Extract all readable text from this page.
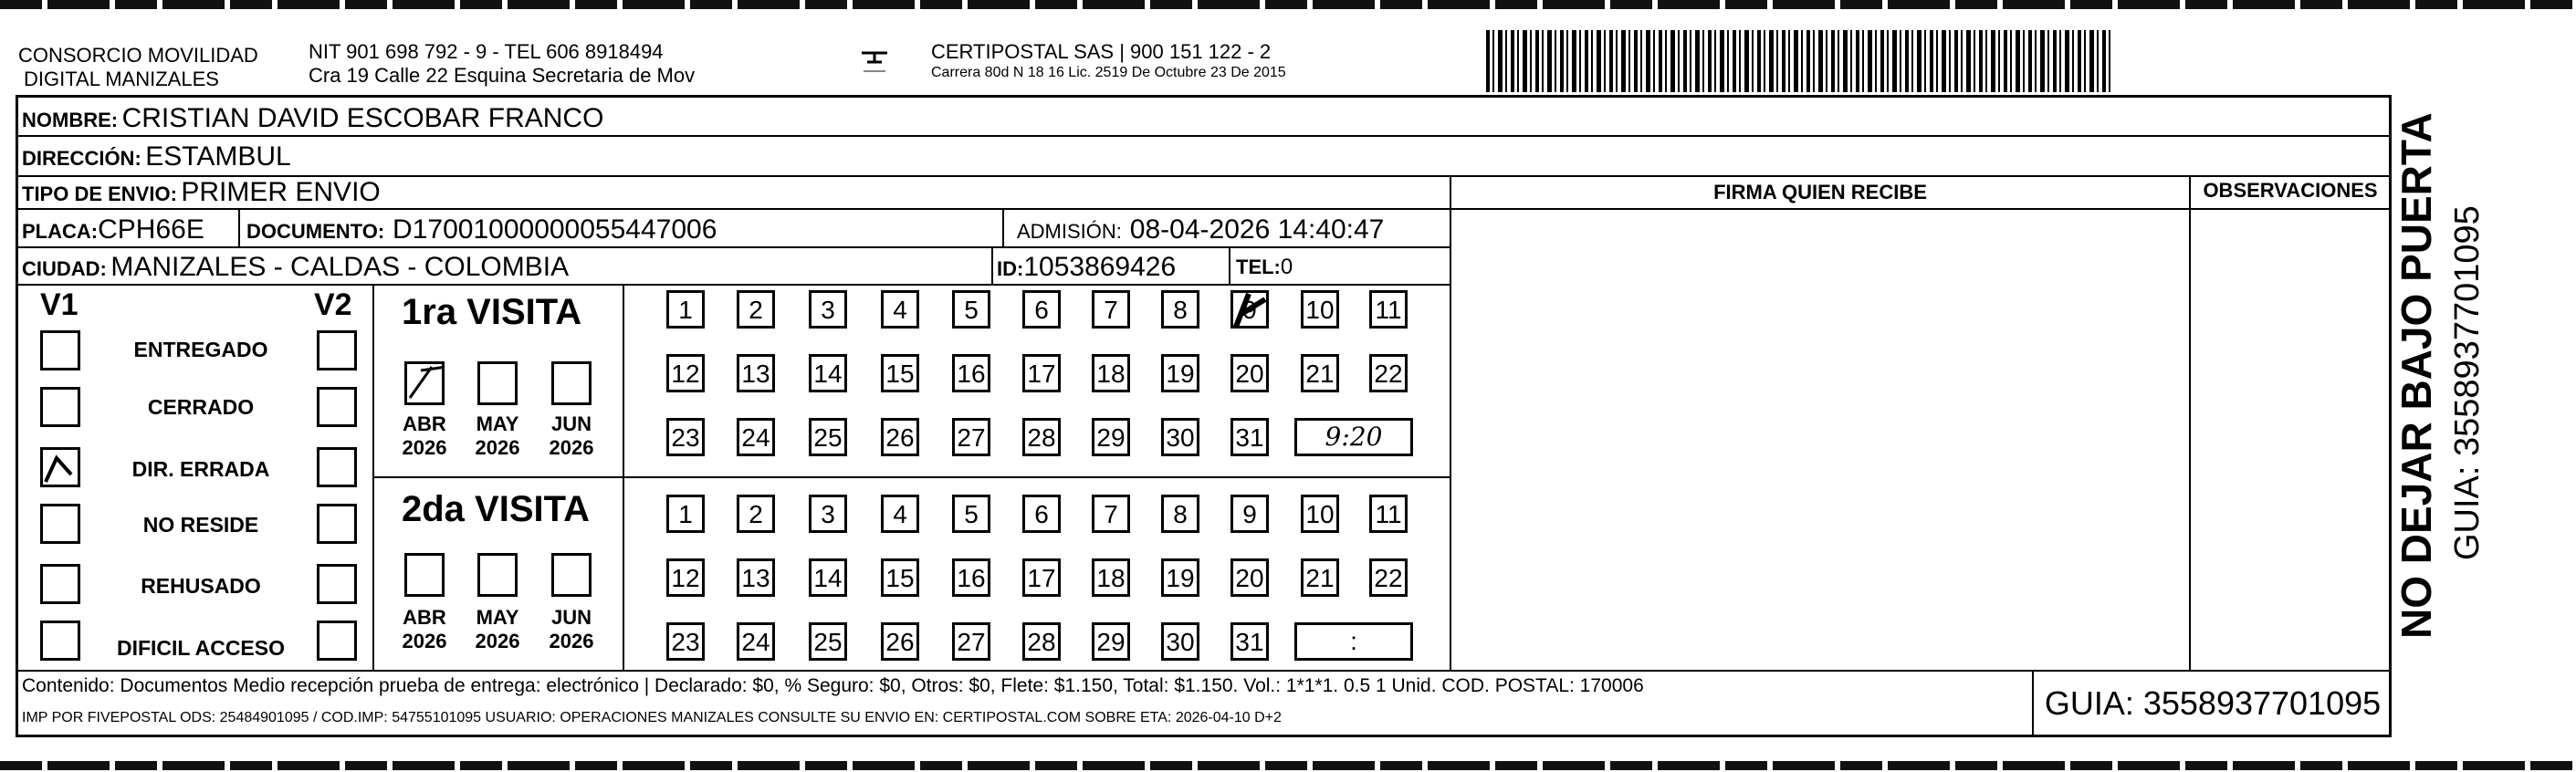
CONSORCIO MOVILIDAD
DIGITAL MANIZALES
NIT 901 698 792 - 9 - TEL 606 8918494
Cra 19 Calle 22 Esquina Secretaria de Mov
CERTIPOSTAL SAS | 900 151 122 - 2
Carrera 80d N 18 16 Lic. 2519 De Octubre 23 De 2015
NOMBRE: CRISTIAN DAVID ESCOBAR FRANCO
DIRECCIÓN: ESTAMBUL
TIPO DE ENVIO: PRIMER ENVIO
PLACA:CPH66E DOCUMENTO: D17001000000055447006	ADMISIÓN: 08-04-2026 14:40:47
CIUDAD: MANIZALES - CALDAS - COLOMBIA	ID:1053869426	TEL:0
FIRMA QUIEN RECIBE	OBSERVACIONES
V1	V2
ENTREGADO
CERRADO
DIR. ERRADA
NO RESIDE
REHUSADO
DIFICIL ACCESO
1ra VISITA
ABR
2026
MAY
2026
JUN
2026
2da VISITA
ABR
2026
MAY
2026
JUN
2026
1	2	3	4	5	6	7	8	9	10 11
12 13 14 15 16 17 18 19 20 21 22
23 24 25 26 27 28 29 30 31	9:20
1	2	3	4	5	6	7	8	9	10 11
12 13 14 15 16 17 18 19 20 21 22
23 24 25 26 27 28 29 30 31	:
Contenido: Documentos Medio recepción prueba de entrega: electrónico | Declarado: $0, % Seguro: $0, Otros: $0, Flete: $1.150, Total: $1.150. Vol.: 1*1*1. 0.5 1 Unid. COD. POSTAL: 170006
IMP POR FIVEPOSTAL ODS: 25484901095 / COD.IMP: 54755101095 USUARIO: OPERACIONES MANIZALES CONSULTE SU ENVIO EN: CERTIPOSTAL.COM SOBRE ETA: 2026-04-10 D+2	GUIA: 3558937701095
NO DEJAR BAJO PUERTA GUIA: 3558937701095
